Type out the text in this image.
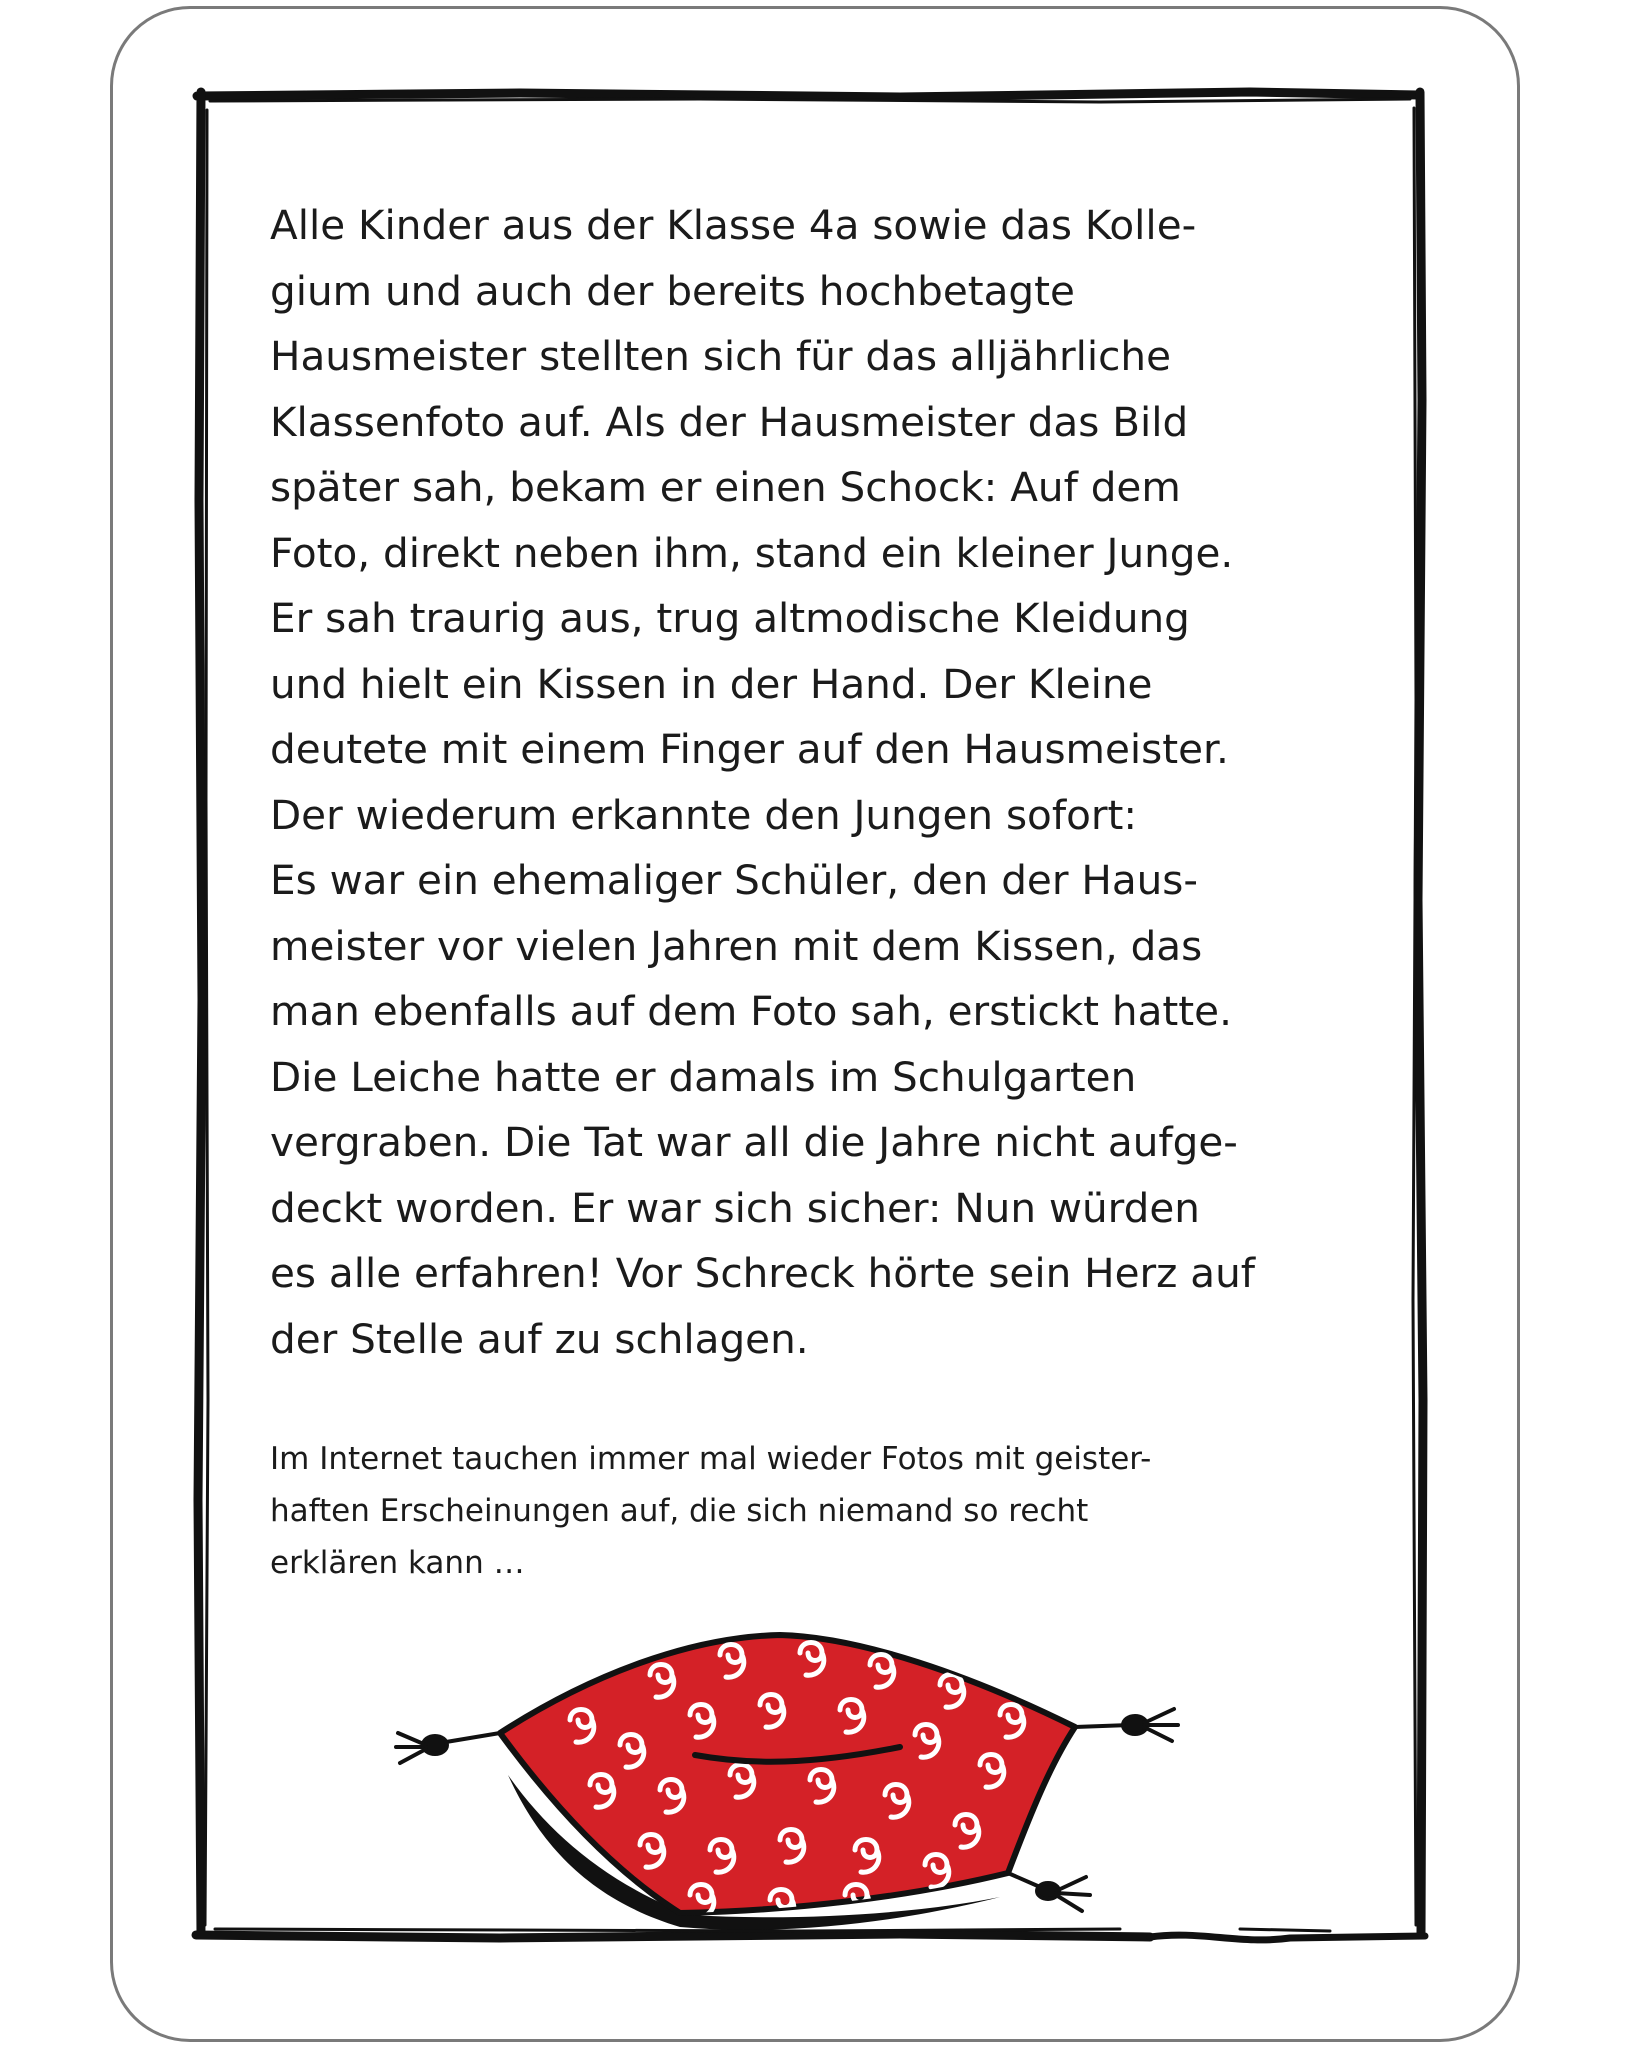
Alle Kinder aus der Klasse 4a sowie das Kolle-
gium und auch der bereits hochbetagte
Hausmeister stellten sich für das alljährliche
Klassenfoto auf. Als der Hausmeister das Bild
später sah, bekam er einen Schock: Auf dem
Foto, direkt neben ihm, stand ein kleiner Junge.
Er sah traurig aus, trug altmodische Kleidung
und hielt ein Kissen in der Hand. Der Kleine
deutete mit einem Finger auf den Hausmeister.
Der wiederum erkannte den Jungen sofort:
Es war ein ehemaliger Schüler, den der Haus-
meister vor vielen Jahren mit dem Kissen, das
man ebenfalls auf dem Foto sah, erstickt hatte.
Die Leiche hatte er damals im Schulgarten
vergraben. Die Tat war all die Jahre nicht aufge-
deckt worden. Er war sich sicher: Nun würden
es alle erfahren! Vor Schreck hörte sein Herz auf
der Stelle auf zu schlagen.

Im Internet tauchen immer mal wieder Fotos mit geister-
haften Erscheinungen auf, die sich niemand so recht
erklären kann …
